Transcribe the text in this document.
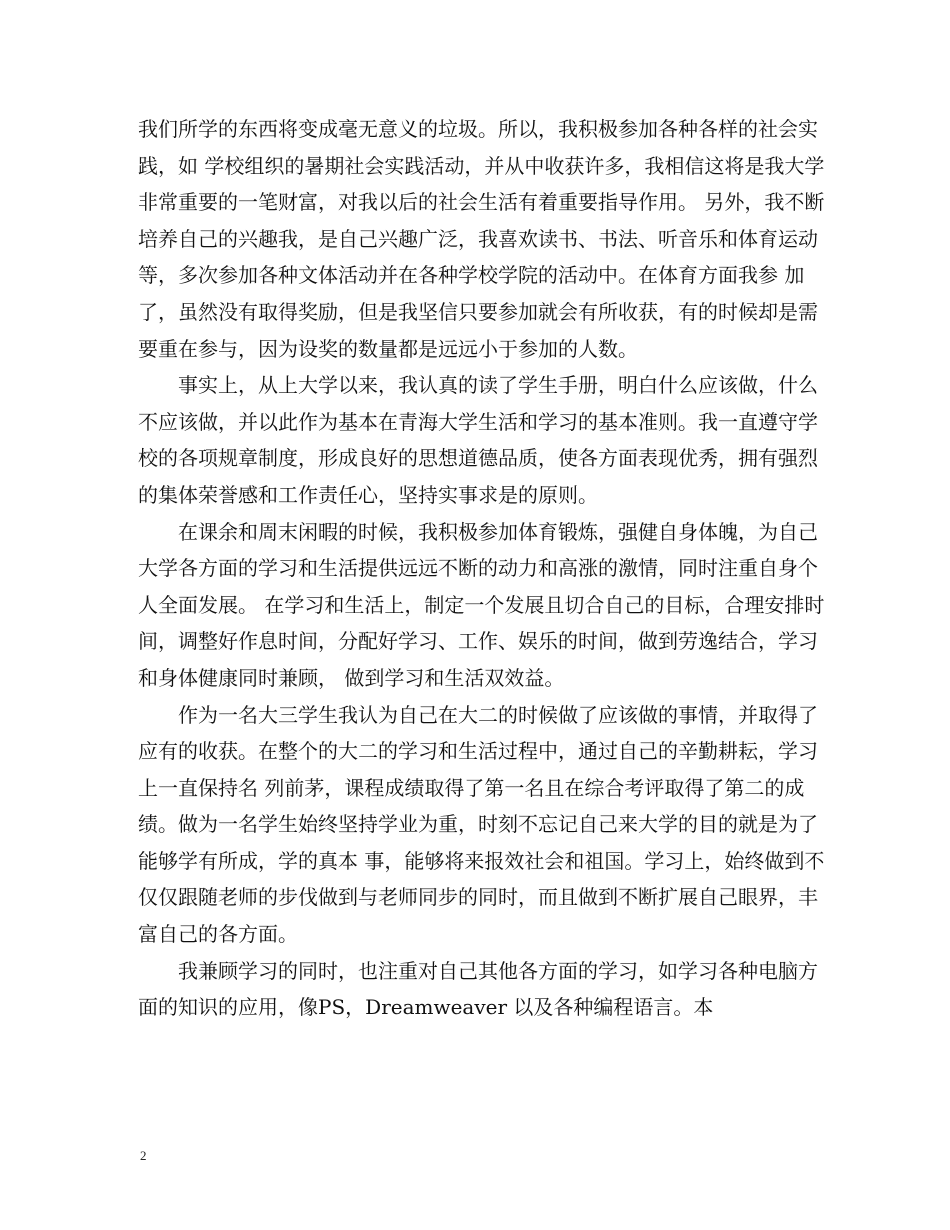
我们所学的东西将变成毫无意义的垃圾。所以，我积极参加各种各样的社会实践，如 学校组织的暑期社会实践活动，并从中收获许多，我相信这将是我大学非常重要的一笔财富，对我以后的社会生活有着重要指导作用。 另外，我不断培养自己的兴趣我，是自己兴趣广泛，我喜欢读书、书法、听音乐和体育运动等，多次参加各种文体活动并在各种学校学院的活动中。在体育方面我参 加了，虽然没有取得奖励，但是我坚信只要参加就会有所收获，有的时候却是需要重在参与，因为设奖的数量都是远远小于参加的人数。

事实上，从上大学以来，我认真的读了学生手册，明白什么应该做，什么不应该做，并以此作为基本在青海大学生活和学习的基本准则。我一直遵守学校的各项规章制度，形成良好的思想道德品质，使各方面表现优秀，拥有强烈的集体荣誉感和工作责任心，坚持实事求是的原则。

在课余和周末闲暇的时候，我积极参加体育锻炼，强健自身体魄，为自己大学各方面的学习和生活提供远远不断的动力和高涨的激情，同时注重自身个人全面发展。 在学习和生活上，制定一个发展且切合自己的目标，合理安排时间，调整好作息时间，分配好学习、工作、娱乐的时间，做到劳逸结合，学习和身体健康同时兼顾， 做到学习和生活双效益。

作为一名大三学生我认为自己在大二的时候做了应该做的事情，并取得了应有的收获。在整个的大二的学习和生活过程中，通过自己的辛勤耕耘，学习上一直保持名 列前茅，课程成绩取得了第一名且在综合考评取得了第二的成绩。做为一名学生始终坚持学业为重，时刻不忘记自己来大学的目的就是为了能够学有所成，学的真本 事，能够将来报效社会和祖国。学习上，始终做到不仅仅跟随老师的步伐做到与老师同步的同时，而且做到不断扩展自己眼界，丰富自己的各方面。

我兼顾学习的同时，也注重对自己其他各方面的学习，如学习各种电脑方面的知识的应用，像PS，Dreamweaver 以及各种编程语言。本

2
